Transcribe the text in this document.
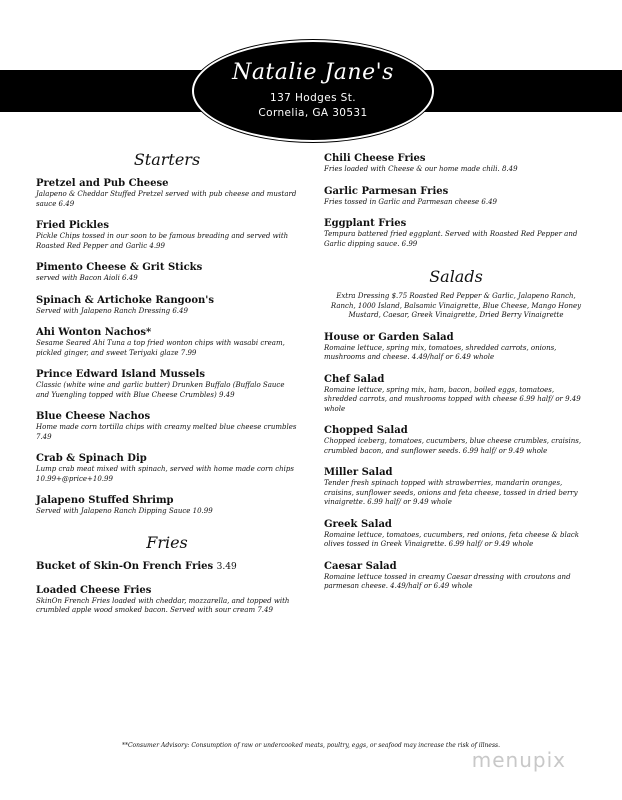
Natalie Jane's
137 Hodges St.
Cornelia, GA 30531
Starters
Pretzel and Pub Cheese
Jalapeno & Cheddar Stuffed Pretzel served with pub cheese and mustard sauce 6.49
Fried Pickles
Pickle Chips tossed in our soon to be famous breading and served with Roasted Red Pepper and Garlic 4.99
Pimento Cheese & Grit Sticks
served with Bacon Aioli 6.49
Spinach & Artichoke Rangoon's
Served with Jalapeno Ranch Dressing 6.49
Ahi Wonton Nachos*
Sesame Seared Ahi Tuna a top fried wonton chips with wasabi cream, pickled ginger, and sweet Teriyaki glaze 7.99
Prince Edward Island Mussels
Classic (white wine and garlic butter) Drunken Buffalo (Buffalo Sauce and Yuengling topped with Blue Cheese Crumbles) 9.49
Blue Cheese Nachos
Home made corn tortilla chips with creamy melted blue cheese crumbles 7.49
Crab & Spinach Dip
Lump crab meat mixed with spinach, served with home made corn chips 10.99+@price+10.99
Jalapeno Stuffed Shrimp
Served with Jalapeno Ranch Dipping Sauce 10.99
Fries
Bucket of Skin-On French Fries 3.49
Loaded Cheese Fries
SkinOn French Fries loaded with cheddar, mozzarella, and topped with crumbled apple wood smoked bacon. Served with sour cream 7.49
Chili Cheese Fries
Fries loaded with Cheese & our home made chili. 8.49
Garlic Parmesan Fries
Fries tossed in Garlic and Parmesan cheese 6.49
Eggplant Fries
Tempura battered fried eggplant. Served with Roasted Red Pepper and Garlic dipping sauce. 6.99
Salads
Extra Dressing $.75 Roasted Red Pepper & Garlic, Jalapeno Ranch, Ranch, 1000 Island, Balsamic Vinaigrette, Blue Cheese, Mango Honey Mustard, Caesar, Greek Vinaigrette, Dried Berry Vinaigrette
House or Garden Salad
Romaine lettuce, spring mix, tomatoes, shredded carrots, onions, mushrooms and cheese. 4.49/half or 6.49 whole
Chef Salad
Romaine lettuce, spring mix, ham, bacon, boiled eggs, tomatoes, shredded carrots, and mushrooms topped with cheese 6.99 half/ or 9.49 whole
Chopped Salad
Chopped iceberg, tomatoes, cucumbers, blue cheese crumbles, craisins, crumbled bacon, and sunflower seeds. 6.99 half/ or 9.49 whole
Miller Salad
Tender fresh spinach topped with strawberries, mandarin oranges, craisins, sunflower seeds, onions and feta cheese, tossed in dried berry vinaigrette. 6.99 half/ or 9.49 whole
Greek Salad
Romaine lettuce, tomatoes, cucumbers, red onions, feta cheese & black olives tossed in Greek Vinaigrette. 6.99 half/ or 9.49 whole
Caesar Salad
Romaine lettuce tossed in creamy Caesar dressing with croutons and parmesan cheese. 4.49/half or 6.49 whole
**Consumer Advisory: Consumption of raw or undercooked meats, poultry, eggs, or seafood may increase the risk of illness.
menupix
